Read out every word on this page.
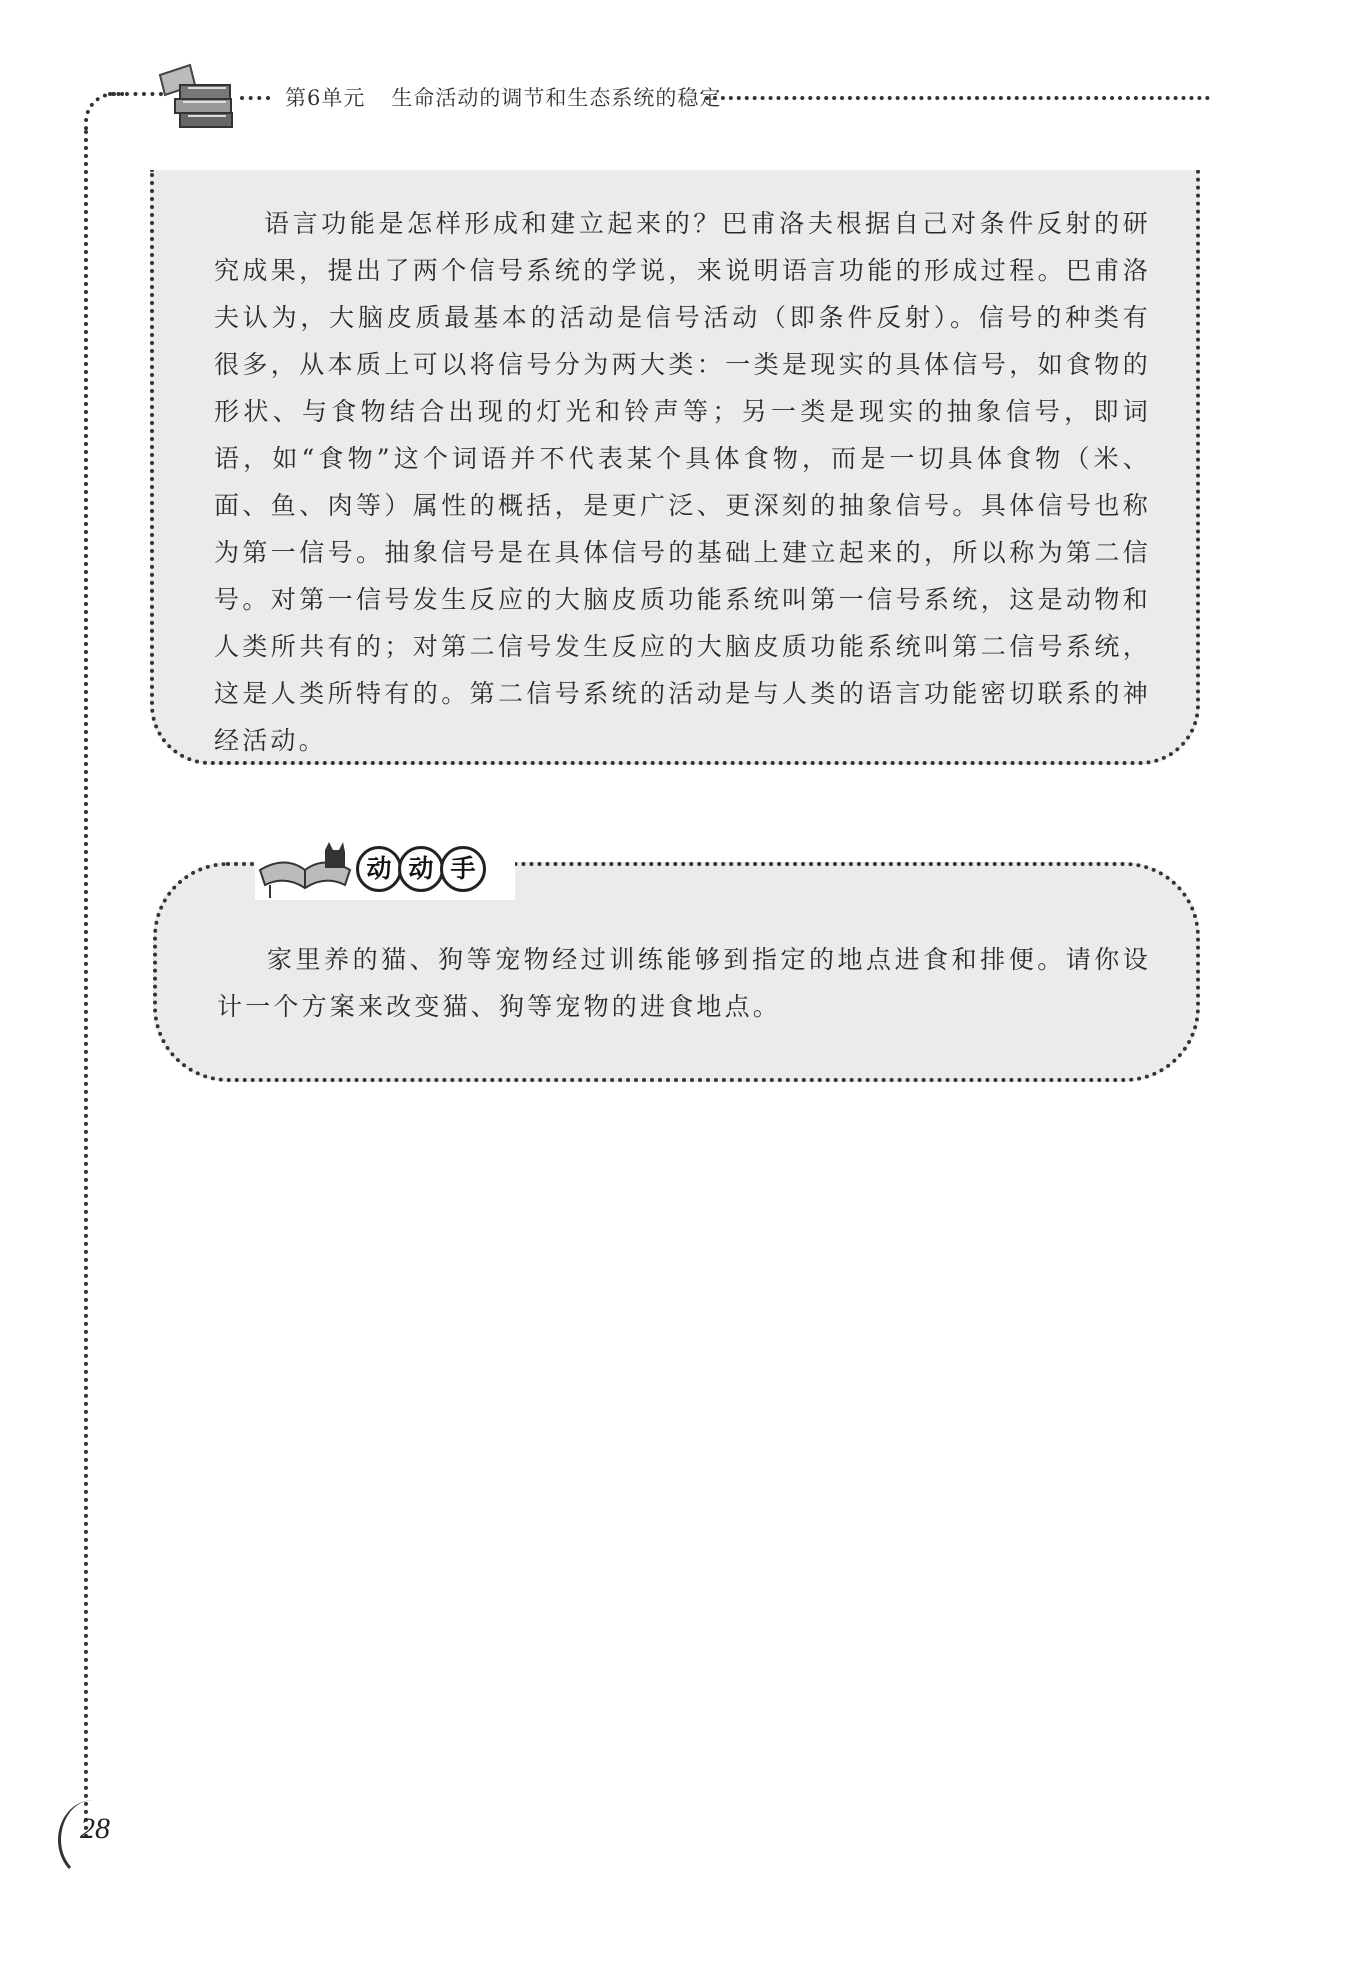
第6单元 生命活动的调节和生态系统的稳定

语言功能是怎样形成和建立起来的？巴甫洛夫根据自己对条件反射的研究成果，提出了两个信号系统的学说，来说明语言功能的形成过程。巴甫洛夫认为，大脑皮质最基本的活动是信号活动（即条件反射）。信号的种类有很多，从本质上可以将信号分为两大类：一类是现实的具体信号，如食物的形状、与食物结合出现的灯光和铃声等；另一类是现实的抽象信号，即词语，如“食物”这个词语并不代表某个具体食物，而是一切具体食物（米、面、鱼、肉等）属性的概括，是更广泛、更深刻的抽象信号。具体信号也称为第一信号。抽象信号是在具体信号的基础上建立起来的，所以称为第二信号。对第一信号发生反应的大脑皮质功能系统叫第一信号系统，这是动物和人类所共有的；对第二信号发生反应的大脑皮质功能系统叫第二信号系统，这是人类所特有的。第二信号系统的活动是与人类的语言功能密切联系的神经活动。

家里养的猫、狗等宠物经过训练能够到指定的地点进食和排便。请你设计一个方案来改变猫、狗等宠物的进食地点。

动 动 手
28
